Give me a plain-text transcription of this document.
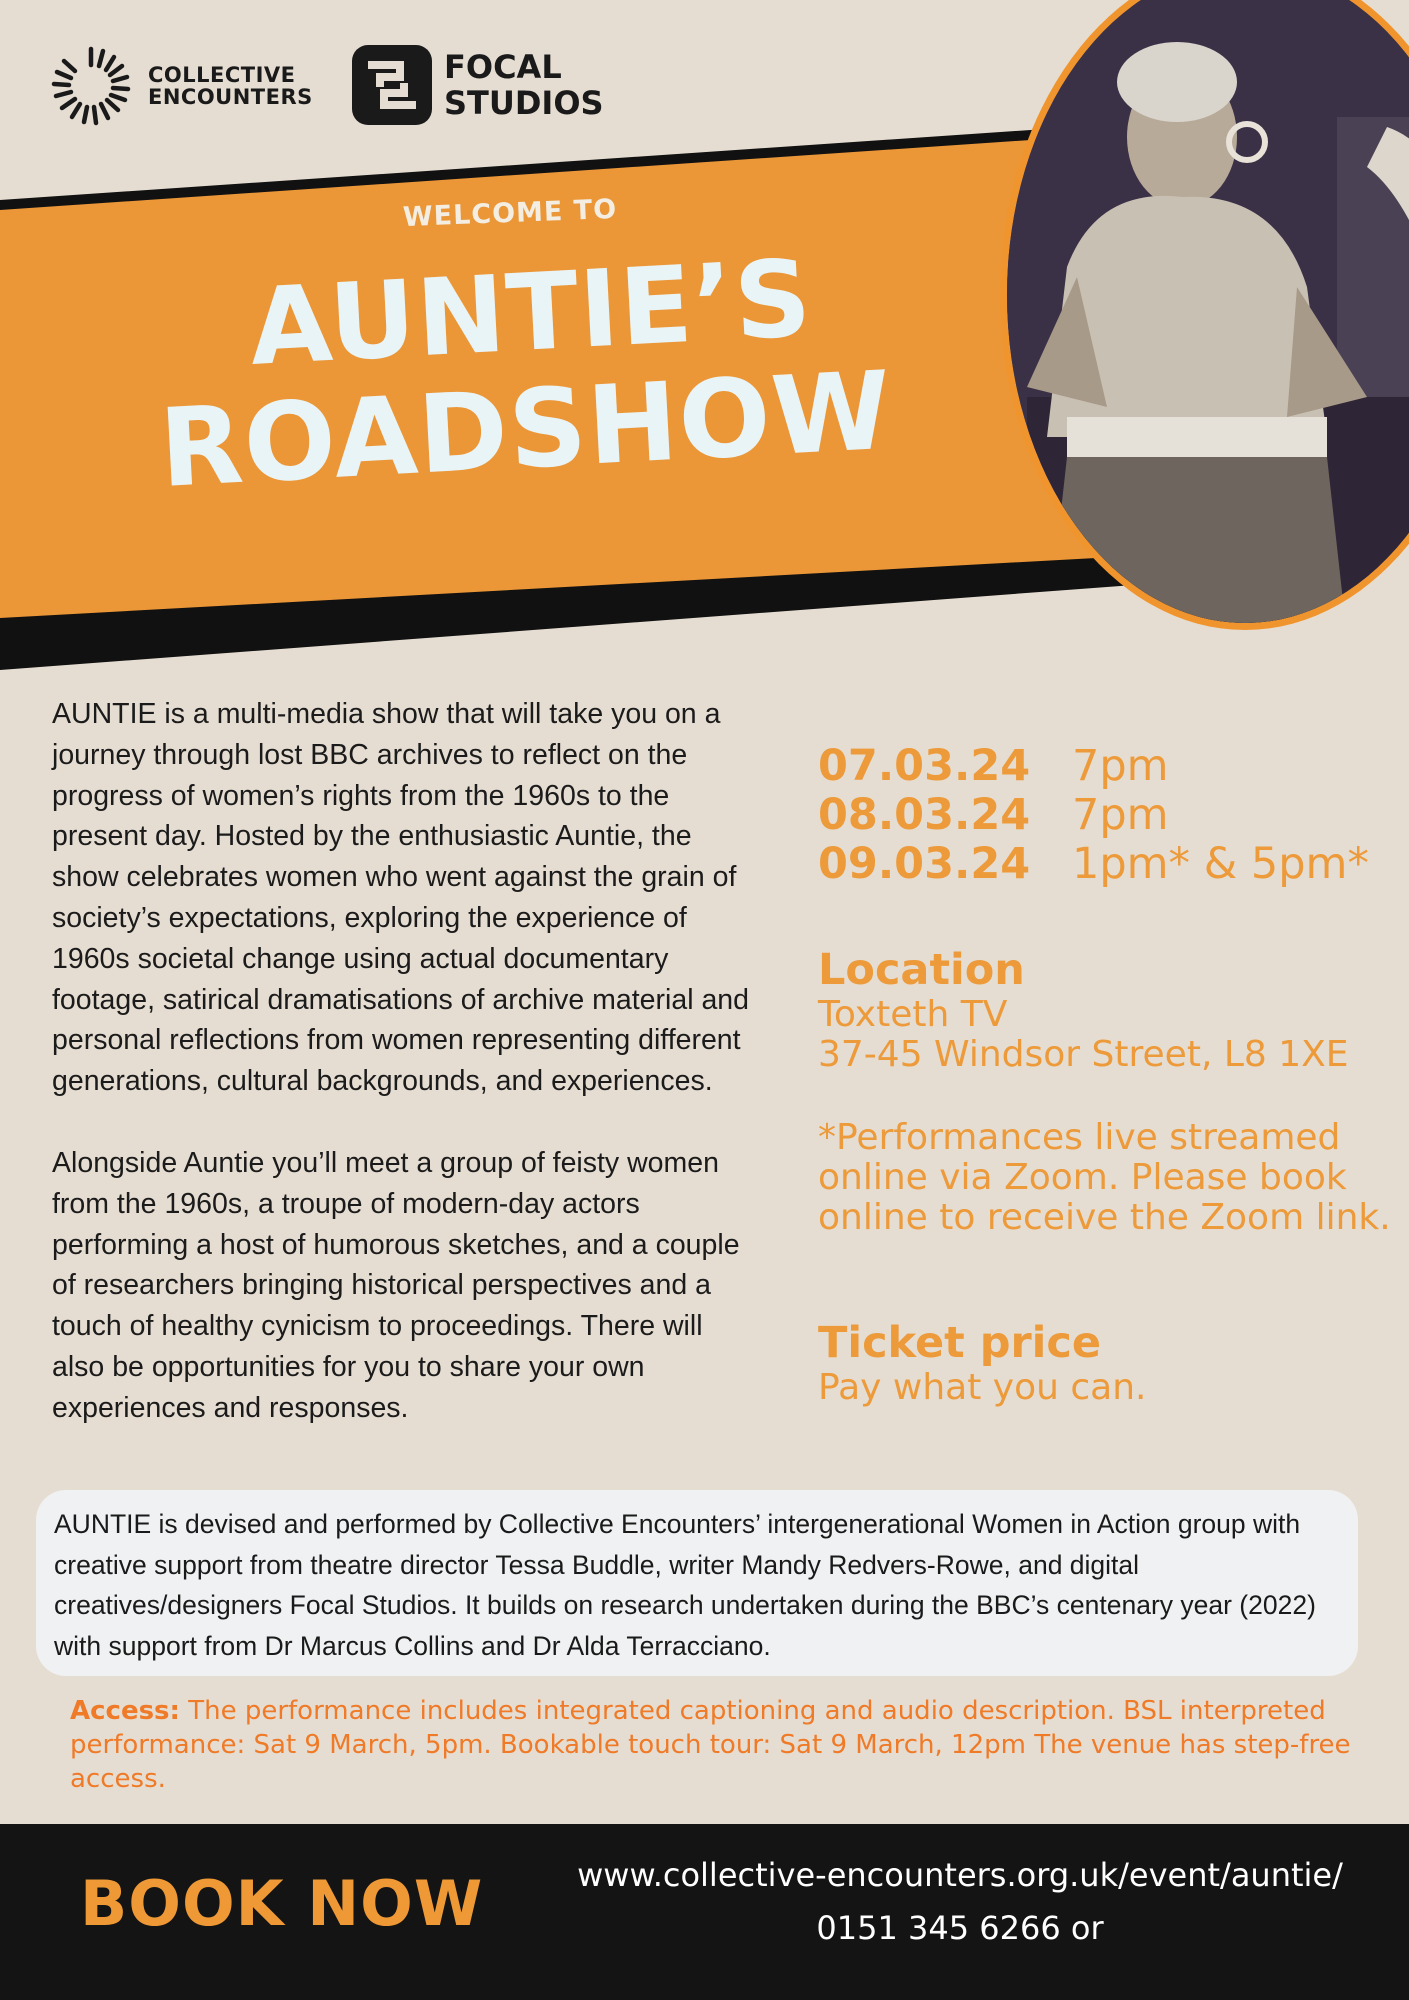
COLLECTIVE
ENCOUNTERS
FOCAL
STUDIOS
WELCOME TO
AUNTIE’S
ROADSHOW

AUNTIE is a multi-media show that will take you on a journey through lost BBC archives to reflect on the progress of women’s rights from the 1960s to the present day. Hosted by the enthusiastic Auntie, the show celebrates women who went against the grain of society’s expectations, exploring the experience of 1960s societal change using actual documentary footage, satirical dramatisations of archive material and personal reflections from women representing different generations, cultural backgrounds, and experiences.

Alongside Auntie you’ll meet a group of feisty women from the 1960s, a troupe of modern-day actors performing a host of humorous sketches, and a couple of researchers bringing historical perspectives and a touch of healthy cynicism to proceedings. There will also be opportunities for you to share your own experiences and responses.

07.03.24 7pm
08.03.24 7pm
09.03.24 1pm* & 5pm*
Location
Toxteth TV
37-45 Windsor Street, L8 1XE
*Performances live streamed online via Zoom. Please book online to receive the Zoom link.
Ticket price
Pay what you can.
AUNTIE is devised and performed by Collective Encounters’ intergenerational Women in Action group with creative support from theatre director Tessa Buddle, writer Mandy Redvers-Rowe, and digital creatives/designers Focal Studios. It builds on research undertaken during the BBC’s centenary year (2022) with support from Dr Marcus Collins and Dr Alda Terracciano.
Access: The performance includes integrated captioning and audio description. BSL interpreted performance: Sat 9 March, 5pm. Bookable touch tour: Sat 9 March, 12pm The venue has step-free access.
BOOK NOW	www.collective-encounters.org.uk/event/auntie/
0151 345 6266 or
